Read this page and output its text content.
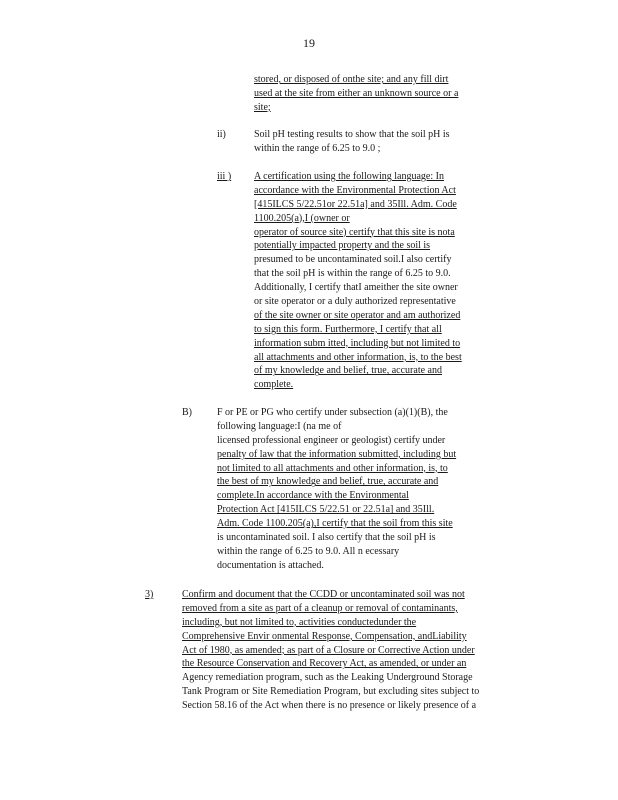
19
stored, or disposed of onthe site; and any fill dirt
used at the site from either an unknown source or a
site;
ii)	Soil pH testing results to show that the soil pH is
within the range of 6.25 to 9.0 ;
iii ) A certification using the following language: In
accordance with the Environmental Protection Act
[415ILCS 5/22.51or 22.51a] and 35Ill. Adm. Code
1100.205(a),I (owner or
operator of source site) certify that this site is nota
potentially impacted property and the soil is
presumed to be uncontaminated soil.I also certify
that the soil pH is within the range of 6.25 to 9.0.
Additionally, I certify thatI ameither the site owner
or site operator or a duly authorized representative
of the site owner or site operator and am authorized
to sign this form. Furthermore, I certify that all
information subm itted, including but not limited to
all attachments and other information, is, to the best
of my knowledge and belief, true, accurate and
complete.
B)	F or PE or PG who certify under subsection (a)(1)(B), the
following language:I (na me of
licensed professional engineer or geologist) certify under
penalty of law that the information submitted, including but
not limited to all attachments and other information, is, to
the best of my knowledge and belief, true, accurate and
complete.In accordance with the Environmental
Protection Act [415ILCS 5/22.51 or 22.51a] and 35Ill.
Adm. Code 1100.205(a),I certify that the soil from this site
is uncontaminated soil. I also certify that the soil pH is
within the range of 6.25 to 9.0. All n ecessary
documentation is attached.
3)	Confirm and document that the CCDD or uncontaminated soil was not
removed from a site as part of a cleanup or removal of contaminants,
including, but not limited to, activities conductedunder the
Comprehensive Envir onmental Response, Compensation, andLiability
Act of 1980, as amended; as part of a Closure or Corrective Action under
the Resource Conservation and Recovery Act, as amended, or under an
Agency remediation program, such as the Leaking Underground Storage
Tank Program or Site Remediation Program, but excluding sites subject to
Section 58.16 of the Act when there is no presence or likely presence of a
